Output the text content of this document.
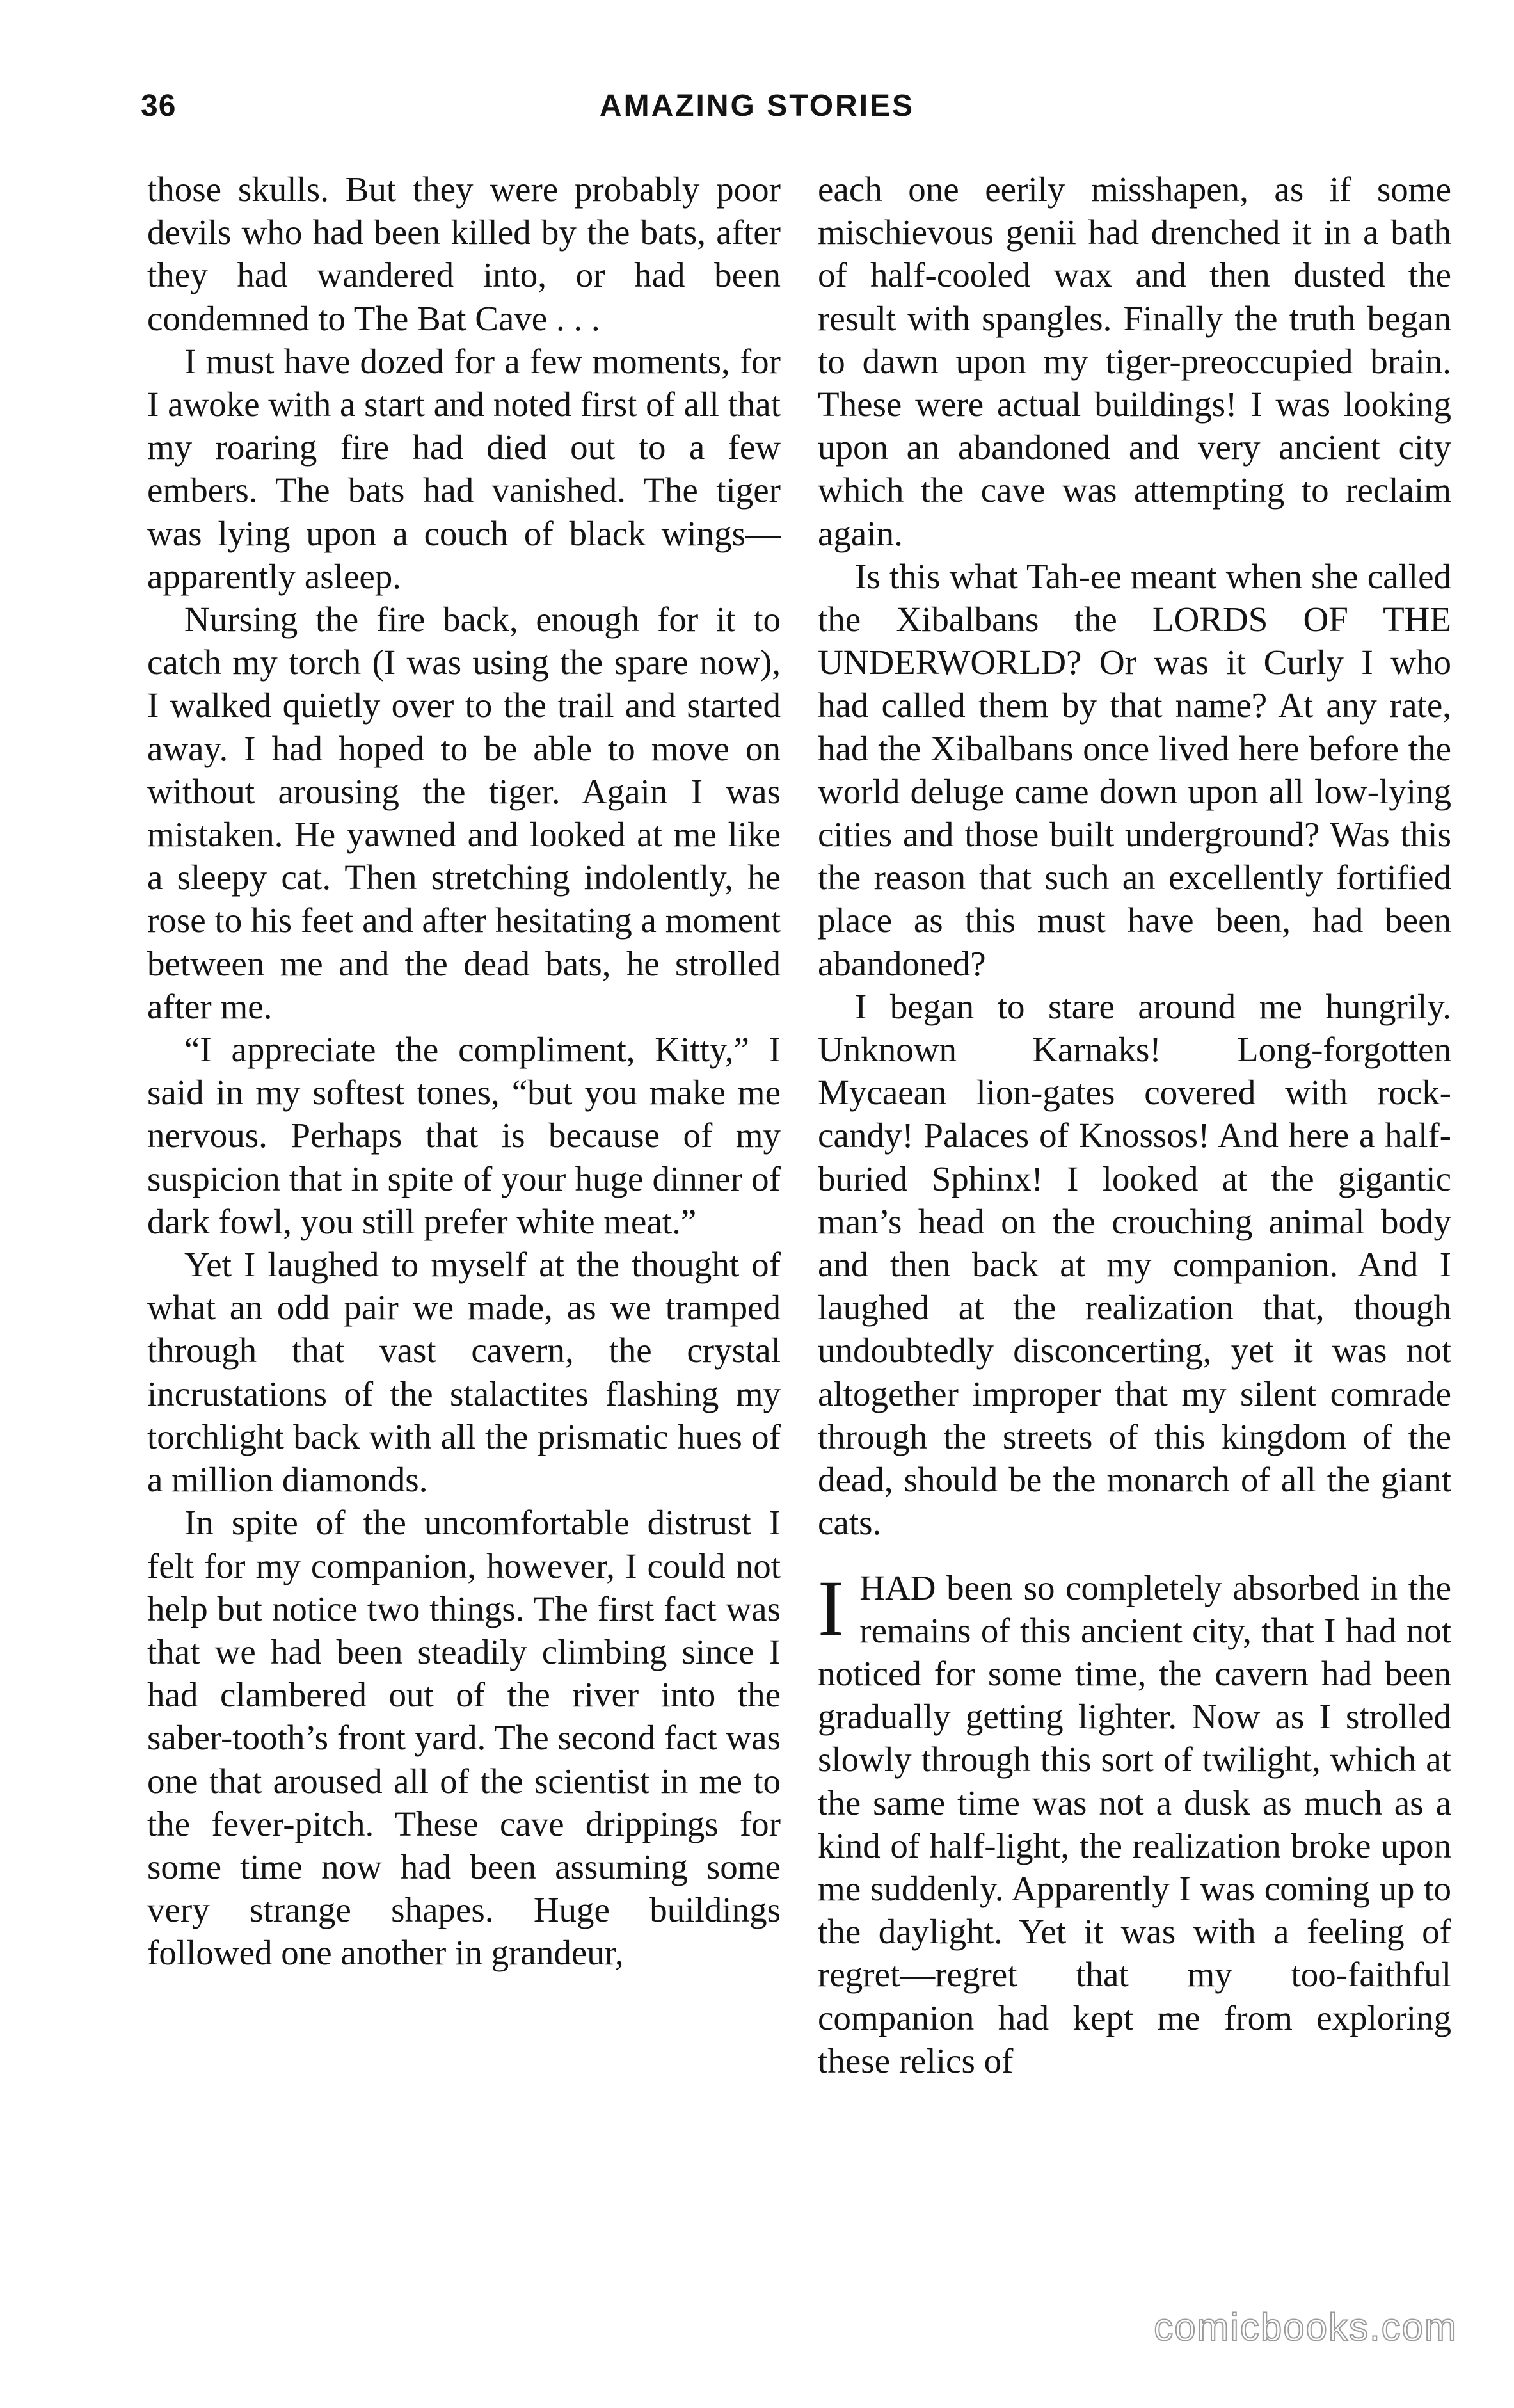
36	AMAZING STORIES

those skulls. But they were probably poor devils who had been killed by the bats, after they had wandered into, or had been condemned to The Bat Cave . . .

I must have dozed for a few moments, for I awoke with a start and noted first of all that my roaring fire had died out to a few embers. The bats had vanished. The tiger was lying upon a couch of black wings—apparently asleep.

Nursing the fire back, enough for it to catch my torch (I was using the spare now), I walked quietly over to the trail and started away. I had hoped to be able to move on without arousing the tiger. Again I was mistaken. He yawned and looked at me like a sleepy cat. Then stretching indolently, he rose to his feet and after hesitating a moment between me and the dead bats, he strolled after me.

“I appreciate the compliment, Kitty,” I said in my softest tones, “but you make me nervous. Perhaps that is because of my suspicion that in spite of your huge dinner of dark fowl, you still prefer white meat.”

Yet I laughed to myself at the thought of what an odd pair we made, as we tramped through that vast cavern, the crystal incrustations of the stalactites flashing my torchlight back with all the prismatic hues of a million diamonds.

In spite of the uncomfortable distrust I felt for my companion, however, I could not help but notice two things. The first fact was that we had been steadily climbing since I had clambered out of the river into the saber-tooth’s front yard. The second fact was one that aroused all of the scientist in me to the fever-pitch. These cave drippings for some time now had been assuming some very strange shapes. Huge buildings followed one another in grandeur,

each one eerily misshapen, as if some mischievous genii had drenched it in a bath of half-cooled wax and then dusted the result with spangles. Finally the truth began to dawn upon my tiger-preoccupied brain. These were actual buildings! I was looking upon an abandoned and very ancient city which the cave was attempting to reclaim again.

Is this what Tah-ee meant when she called the Xibalbans the LORDS OF THE UNDERWORLD? Or was it Curly I who had called them by that name? At any rate, had the Xibalbans once lived here before the world deluge came down upon all low-lying cities and those built underground? Was this the reason that such an excellently fortified place as this must have been, had been abandoned?

I began to stare around me hungrily. Unknown Karnaks! Long-forgotten Mycaean lion-gates covered with rock-candy! Palaces of Knossos! And here a half-buried Sphinx! I looked at the gigantic man’s head on the crouching animal body and then back at my companion. And I laughed at the realization that, though undoubtedly disconcerting, yet it was not altogether improper that my silent comrade through the streets of this kingdom of the dead, should be the monarch of all the giant cats.

IHAD been so completely absorbed in the remains of this ancient city, that I had not noticed for some time, the cavern had been gradually getting lighter. Now as I strolled slowly through this sort of twilight, which at the same time was not a dusk as much as a kind of half-light, the realization broke upon me suddenly. Apparently I was coming up to the daylight. Yet it was with a feeling of regret—regret that my too-faithful companion had kept me from exploring these relics of

comicbooks.com
